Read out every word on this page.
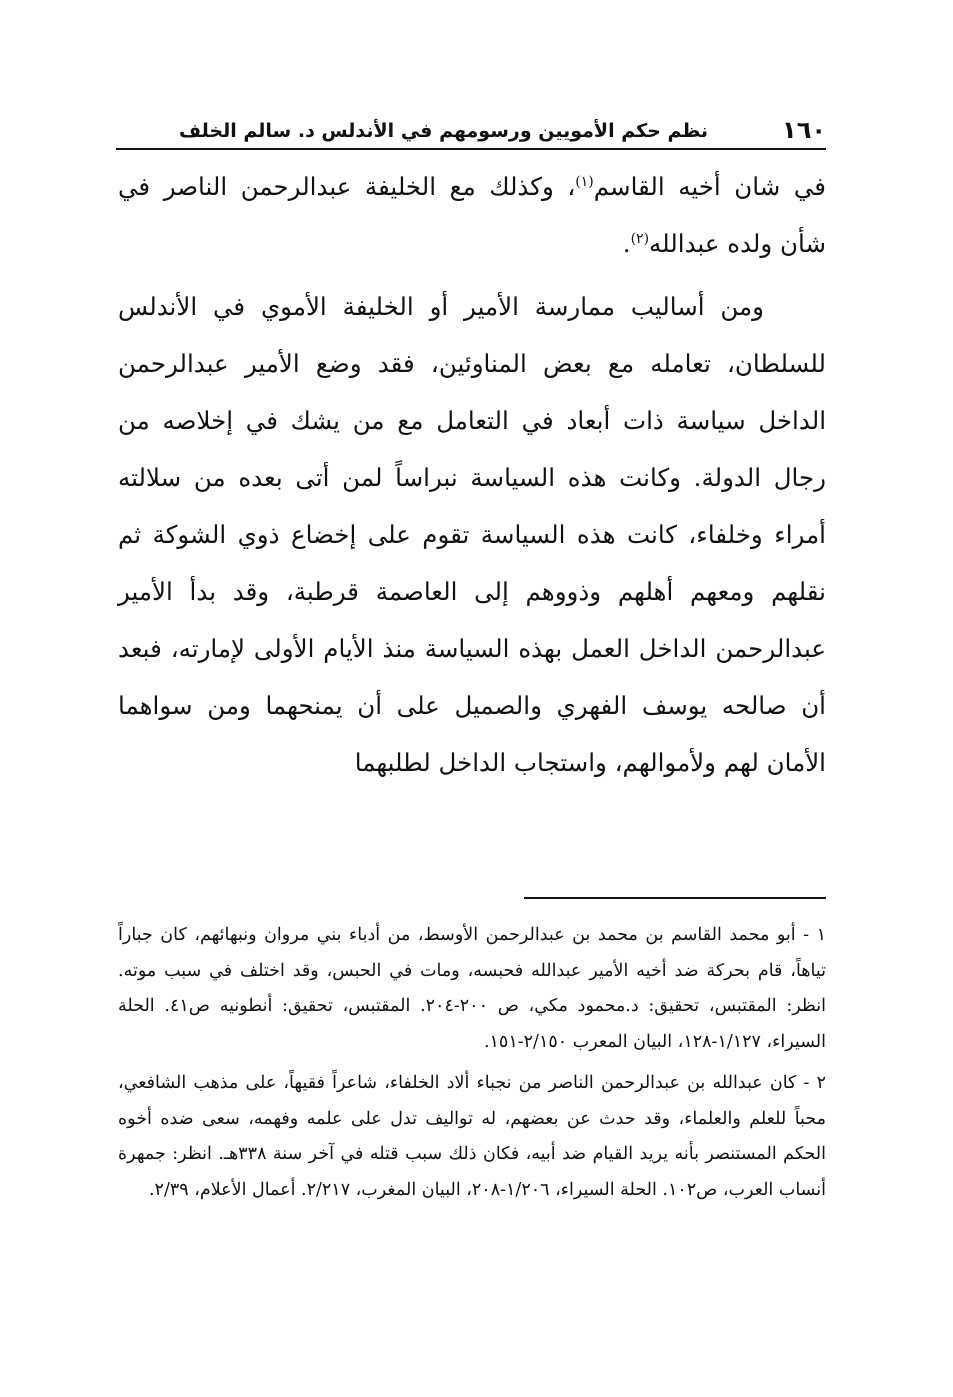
١٦٠
نظم حكم الأمويين ورسومهم في الأندلس د. سالم الخلف

في شان أخيه القاسم$^{(١)}$، وكذلك مع الخليفة عبدالرحمن الناصر في شأن ولده عبدالله$^{(٢)}$.

ومن أساليب ممارسة الأمير أو الخليفة الأموي في الأندلس للسلطان، تعامله مع بعض المناوئين، فقد وضع الأمير عبدالرحمن الداخل سياسة ذات أبعاد في التعامل مع من يشك في إخلاصه من رجال الدولة. وكانت هذه السياسة نبراساً لمن أتى بعده من سلالته أمراء وخلفاء، كانت هذه السياسة تقوم على إخضاع ذوي الشوكة ثم نقلهم ومعهم أهلهم وذووهم إلى العاصمة قرطبة، وقد بدأ الأمير عبدالرحمن الداخل العمل بهذه السياسة منذ الأيام الأولى لإمارته، فبعد أن صالحه يوسف الفهري والصميل على أن يمنحهما ومن سواهما الأمان لهم ولأموالهم، واستجاب الداخل لطلبهما

١ - أبو محمد القاسم بن محمد بن عبدالرحمن الأوسط، من أدباء بني مروان ونبهائهم، كان جباراً تياهاً، قام بحركة ضد أخيه الأمير عبدالله فحبسه، ومات في الحبس، وقد اختلف في سبب موته. انظر: المقتبس، تحقيق: د.محمود مكي، ص ٢٠٠-٢٠٤. المقتبس، تحقيق: أنطونيه ص٤١. الحلة السيراء، ١/١٢٧-١٢٨، البيان المعرب ٢/١٥٠-١٥١.

٢ - كان عبدالله بن عبدالرحمن الناصر من نجباء ألاد الخلفاء، شاعراً فقيهاً، على مذهب الشافعي، محباً للعلم والعلماء، وقد حدث عن بعضهم، له تواليف تدل على علمه وفهمه، سعى ضده أخوه الحكم المستنصر بأنه يريد القيام ضد أبيه، فكان ذلك سبب قتله في آخر سنة ٣٣٨هـ. انظر: جمهرة أنساب العرب، ص١٠٢. الحلة السيراء، ١/٢٠٦-٢٠٨، البيان المغرب، ٢/٢١٧. أعمال الأعلام، ٢/٣٩.
